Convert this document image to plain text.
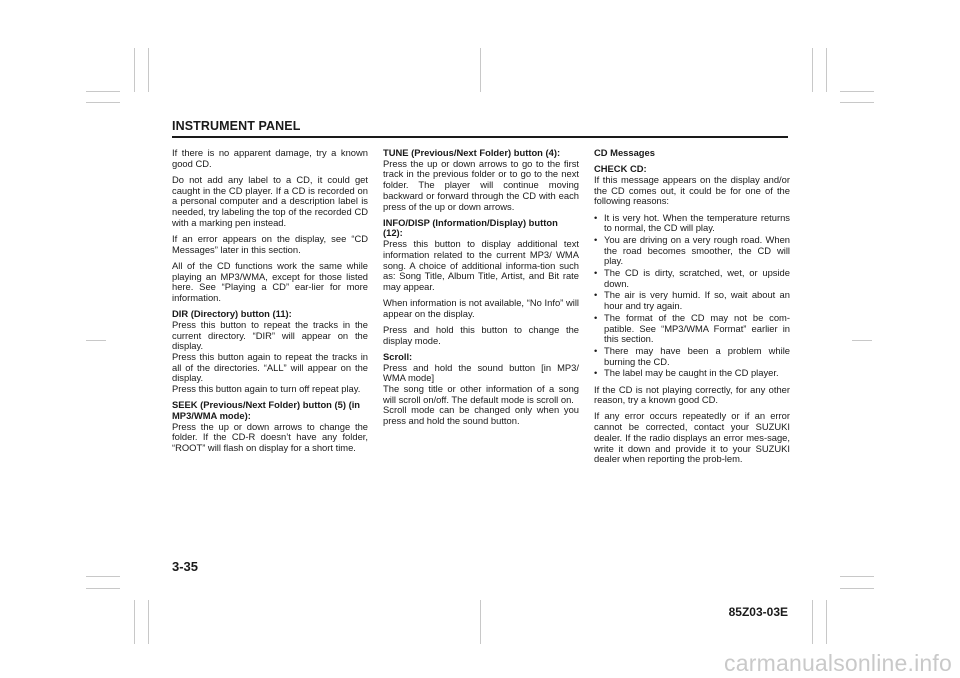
INSTRUMENT PANEL

If there is no apparent damage, try a known good CD.

Do not add any label to a CD, it could get caught in the CD player. If a CD is recorded on a personal computer and a description label is needed, try labeling the top of the recorded CD with a marking pen instead.

If an error appears on the display, see “CD Messages” later in this section.

All of the CD functions work the same while playing an MP3/WMA, except for those listed here. See “Playing a CD” ear-lier for more information.

DIR (Directory) button (11):
Press this button to repeat the tracks in the current directory. “DIR” will appear on the display.
Press this button again to repeat the tracks in all of the directories. “ALL” will appear on the display.
Press this button again to turn off repeat play.

SEEK (Previous/Next Folder) button (5) (in MP3/WMA mode):
Press the up or down arrows to change the folder. If the CD-R doesn’t have any folder, “ROOT” will flash on display for a short time.

TUNE (Previous/Next Folder) button (4):
Press the up or down arrows to go to the first track in the previous folder or to go to the next folder. The player will continue moving backward or forward through the CD with each press of the up or down arrows.

INFO/DISP (Information/Display) button (12):
Press this button to display additional text information related to the current MP3/ WMA song. A choice of additional informa-tion such as: Song Title, Album Title, Artist, and Bit rate may appear.

When information is not available, “No Info” will appear on the display.

Press and hold this button to change the display mode.

Scroll:
Press and hold the sound button [in MP3/ WMA mode]
The song title or other information of a song will scroll on/off. The default mode is scroll on.
Scroll mode can be changed only when you press and hold the sound button.

CD Messages

CHECK CD:
If this message appears on the display and/or the CD comes out, it could be for one of the following reasons:

• It is very hot. When the temperature returns to normal, the CD will play.
• You are driving on a very rough road. When the road becomes smoother, the CD will play.
• The CD is dirty, scratched, wet, or upside down.
• The air is very humid. If so, wait about an hour and try again.
• The format of the CD may not be com-patible. See “MP3/WMA Format” earlier in this section.
• There may have been a problem while burning the CD.
• The label may be caught in the CD player.

If the CD is not playing correctly, for any other reason, try a known good CD.

If any error occurs repeatedly or if an error cannot be corrected, contact your SUZUKI dealer. If the radio displays an error mes-sage, write it down and provide it to your SUZUKI dealer when reporting the prob-lem.

3-35
85Z03-03E
carmanualsonline.info
